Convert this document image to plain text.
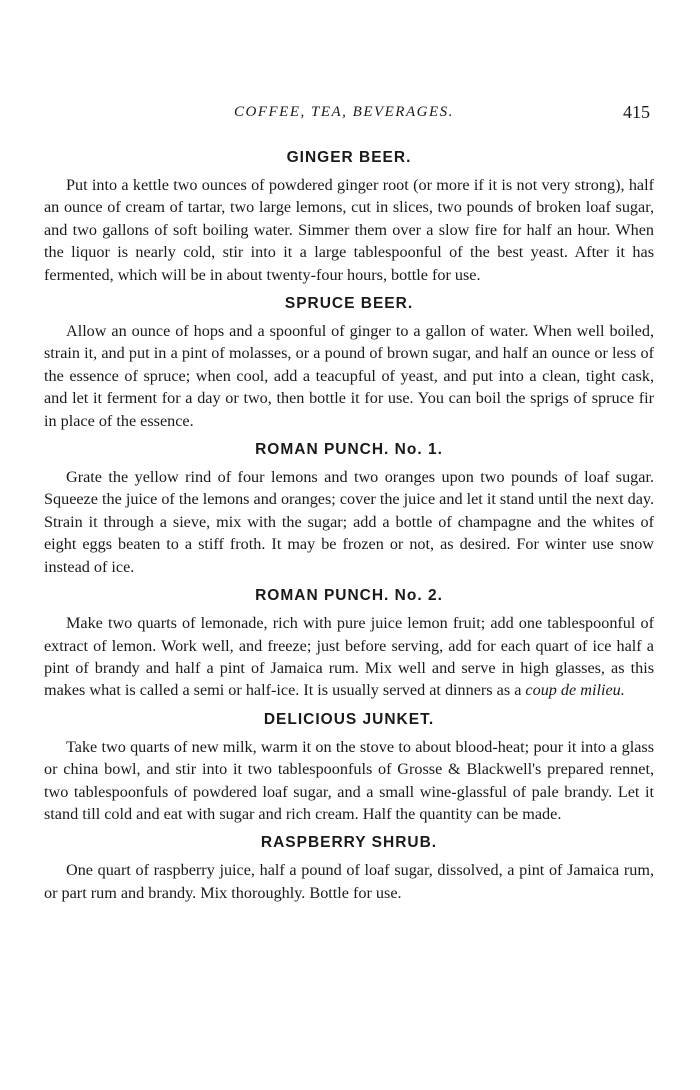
COFFEE, TEA, BEVERAGES.	415
GINGER BEER.

Put into a kettle two ounces of powdered ginger root (or more if it is not very strong), half an ounce of cream of tartar, two large lemons, cut in slices, two pounds of broken loaf sugar, and two gallons of soft boiling water. Simmer them over a slow fire for half an hour. When the liquor is nearly cold, stir into it a large tablespoonful of the best yeast. After it has fermented, which will be in about twenty-four hours, bottle for use.

SPRUCE BEER.

Allow an ounce of hops and a spoonful of ginger to a gallon of water. When well boiled, strain it, and put in a pint of molasses, or a pound of brown sugar, and half an ounce or less of the essence of spruce; when cool, add a teacupful of yeast, and put into a clean, tight cask, and let it ferment for a day or two, then bottle it for use. You can boil the sprigs of spruce fir in place of the essence.

ROMAN PUNCH. No. 1.

Grate the yellow rind of four lemons and two oranges upon two pounds of loaf sugar. Squeeze the juice of the lemons and oranges; cover the juice and let it stand until the next day. Strain it through a sieve, mix with the sugar; add a bottle of champagne and the whites of eight eggs beaten to a stiff froth. It may be frozen or not, as desired. For winter use snow instead of ice.

ROMAN PUNCH. No. 2.

Make two quarts of lemonade, rich with pure juice lemon fruit; add one tablespoonful of extract of lemon. Work well, and freeze; just before serving, add for each quart of ice half a pint of brandy and half a pint of Jamaica rum. Mix well and serve in high glasses, as this makes what is called a semi or half-ice. It is usually served at dinners as a coup de milieu.

DELICIOUS JUNKET.

Take two quarts of new milk, warm it on the stove to about blood-heat; pour it into a glass or china bowl, and stir into it two tablespoonfuls of Grosse & Blackwell's prepared rennet, two tablespoonfuls of powdered loaf sugar, and a small wine-glassful of pale brandy. Let it stand till cold and eat with sugar and rich cream. Half the quantity can be made.

RASPBERRY SHRUB.

One quart of raspberry juice, half a pound of loaf sugar, dissolved, a pint of Jamaica rum, or part rum and brandy. Mix thoroughly. Bottle for use.
